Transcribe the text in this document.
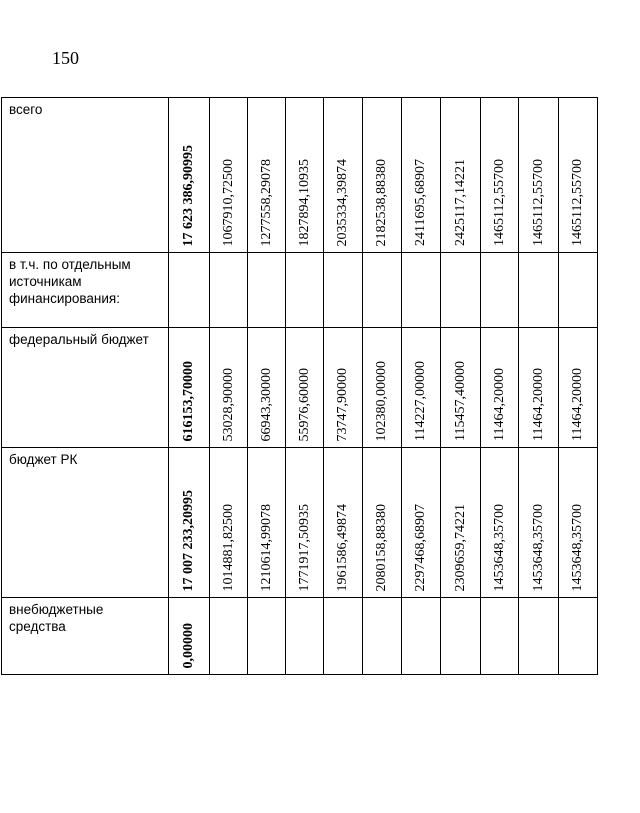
150
всего	17 623 386,90995	1067910,72500	1277558,29078	1827894,10935	2035334,39874	2182538,88380	2411695,68907	2425117,14221	1465112,55700	1465112,55700	1465112,55700

в т.ч. по отдельным источникам финансирования:	

федеральный бюджет	616153,70000	53028,90000	66943,30000	55976,60000	73747,90000	102380,00000	114227,00000	115457,40000	11464,20000	11464,20000	11464,20000

бюджет РК	17 007 233,20995	1014881,82500	1210614,99078	1771917,50935	1961586,49874	2080158,88380	2297468,68907	2309659,74221	1453648,35700	1453648,35700	1453648,35700

внебюджетные средства	0,00000										
